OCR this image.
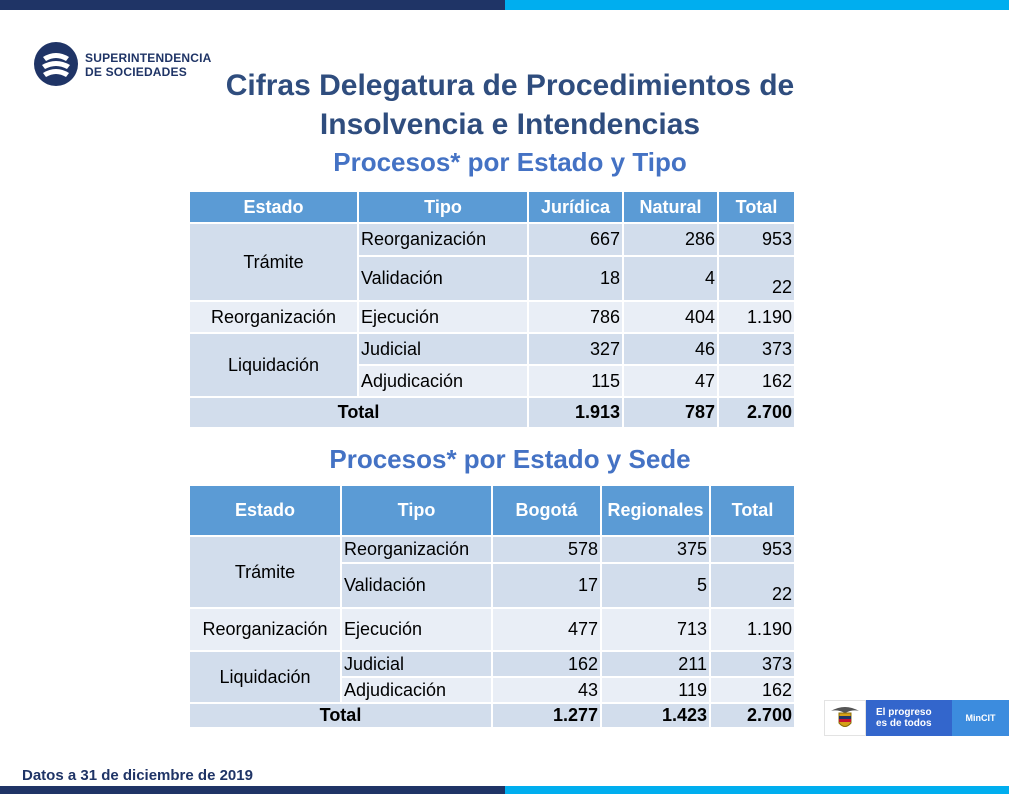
SUPERINTENDENCIA
DE SOCIEDADES	Cifras Delegatura de Procedimientos de
Insolvencia e Intendencias
Procesos* por Estado y Tipo
Estado	Tipo	Jurídica	Natural	Total
Trámite	Reorganización	667	286	953
	Validación	18	4	22
Reorganización	Ejecución	786	404	1.190
Liquidación	Judicial	327	46	373
	Adjudicación	115	47	162
Total		1.913	787	2.700
Procesos* por Estado y Sede
Estado	Tipo	Bogotá	Regionales	Total
Trámite	Reorganización	578	375	953
	Validación	17	5	22
Reorganización	Ejecución	477	713	1.190
Liquidación	Judicial	162	211	373
	Adjudicación	43	119	162
Total		1.277	1.423	2.700	El progreso
es de todos	MinCIT
Datos a 31 de diciembre de 2019
